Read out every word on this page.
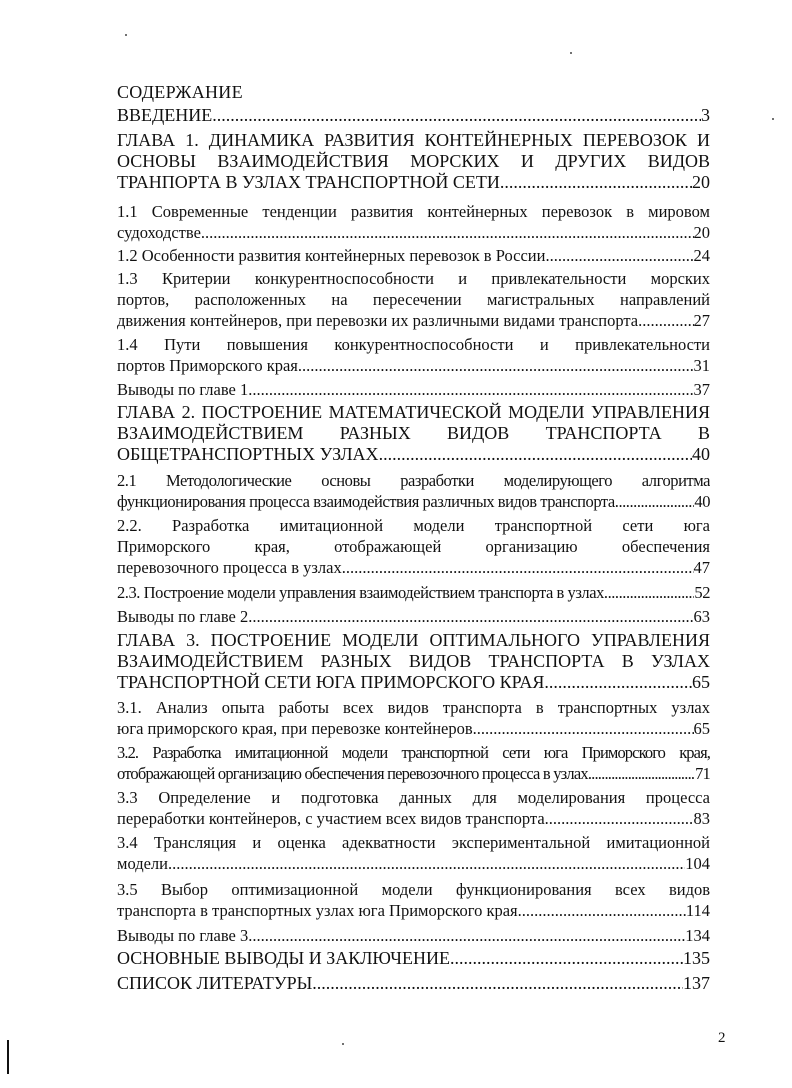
СОДЕРЖАНИЕ
ВВЕДЕНИЕ .....	3
ГЛАВА 1. ДИНАМИКА РАЗВИТИЯ КОНТЕЙНЕРНЫХ ПЕРЕВОЗОК И
ОСНОВЫ ВЗАИМОДЕЙСТВИЯ МОРСКИХ И ДРУГИХ ВИДОВ
ТРАНПОРТА В УЗЛАХ ТРАНСПОРТНОЙ СЕТИ .....	20
1.1 Современные тенденции развития контейнерных перевозок в мировом
судоходстве .....	20
1.2 Особенности развития контейнерных перевозок в России .....	24
1.3 Критерии конкурентноспособности и привлекательности морских
портов, расположенных на пересечении магистральных направлений
движения контейнеров, при перевозки их различными видами транспорта .....	27
1.4 Пути повышения конкурентноспособности и привлекательности
портов Приморского края .....	31
Выводы по главе 1 .....	37
ГЛАВА 2. ПОСТРОЕНИЕ МАТЕМАТИЧЕСКОЙ МОДЕЛИ УПРАВЛЕНИЯ
ВЗАИМОДЕЙСТВИЕМ РАЗНЫХ ВИДОВ ТРАНСПОРТА В
ОБЩЕТРАНСПОРТНЫХ УЗЛАХ .....	40
2.1 Методологические основы разработки моделирующего алгоритма
функционирования процесса взаимодействия различных видов транспорта .....	40
2.2. Разработка имитационной модели транспортной сети юга
Приморского края, отображающей организацию обеспечения
перевозочного процесса в узлах .....	47
2.3. Построение модели управления взаимодействием транспорта в узлах .....	52
Выводы по главе 2 .....	63
ГЛАВА 3. ПОСТРОЕНИЕ МОДЕЛИ ОПТИМАЛЬНОГО УПРАВЛЕНИЯ
ВЗАИМОДЕЙСТВИЕМ РАЗНЫХ ВИДОВ ТРАНСПОРТА В УЗЛАХ
ТРАНСПОРТНОЙ СЕТИ ЮГА ПРИМОРСКОГО КРАЯ .....	65
3.1. Анализ опыта работы всех видов транспорта в транспортных узлах
юга приморского края, при перевозке контейнеров .....	65
3.2. Разработка имитационной модели транспортной сети юга Приморского края,
отображающей организацию обеспечения перевозочного процесса в узлах .....	71
3.3 Определение и подготовка данных для моделирования процесса
переработки контейнеров, с участием всех видов транспорта .....	83
3.4 Трансляция и оценка адекватности экспериментальной имитационной
модели .....	104
3.5 Выбор оптимизационной модели функционирования всех видов
транспорта в транспортных узлах юга Приморского края .....	114
Выводы по главе 3 .....	134
ОСНОВНЫЕ ВЫВОДЫ И ЗАКЛЮЧЕНИЕ .....	135
СПИСОК ЛИТЕРАТУРЫ .....	137
2
